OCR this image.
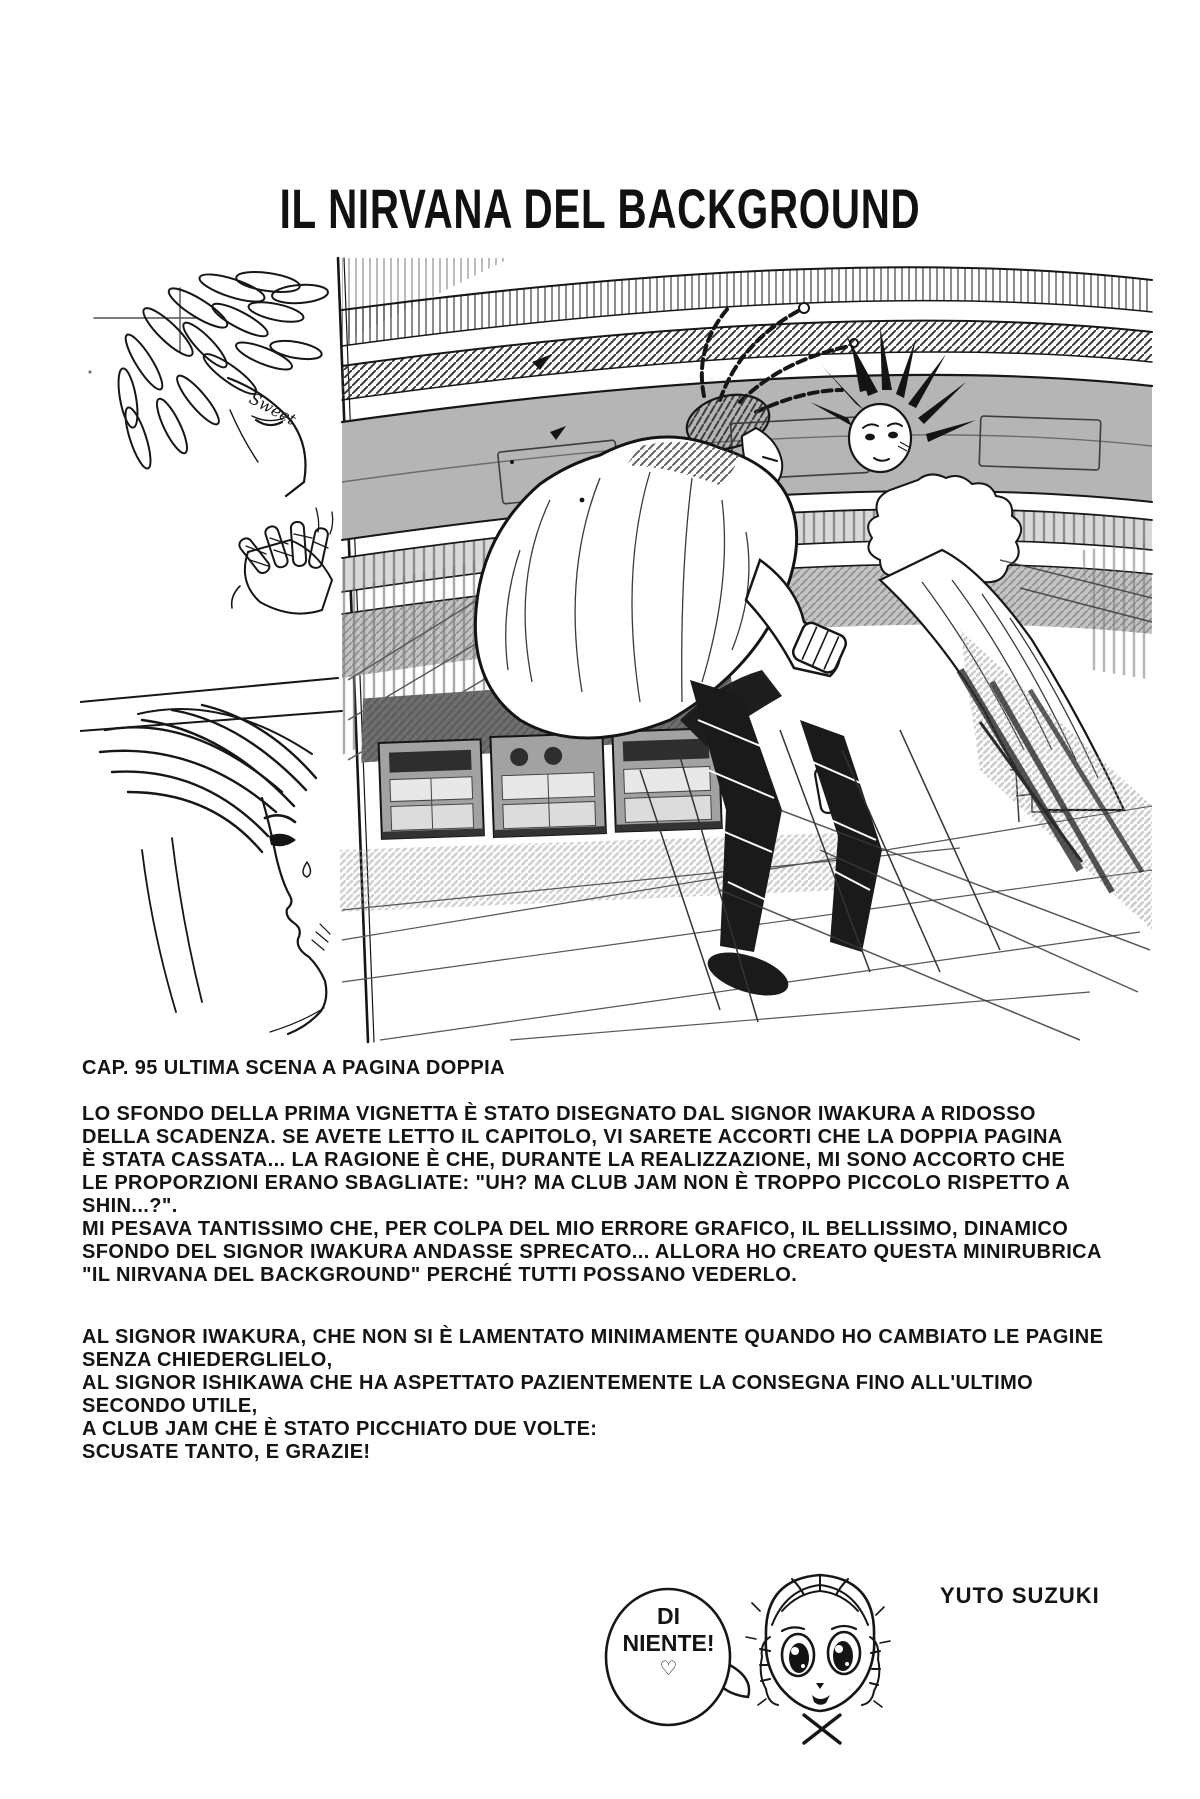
IL NIRVANA DEL BACKGROUND
Sweet
CAP. 95 ULTIMA SCENA A PAGINA DOPPIA
LO SFONDO DELLA PRIMA VIGNETTA È STATO DISEGNATO DAL SIGNOR IWAKURA A RIDOSSO
DELLA SCADENZA. SE AVETE LETTO IL CAPITOLO, VI SARETE ACCORTI CHE LA DOPPIA PAGINA
È STATA CASSATA... LA RAGIONE È CHE, DURANTE LA REALIZZAZIONE, MI SONO ACCORTO CHE
LE PROPORZIONI ERANO SBAGLIATE: "UH? MA CLUB JAM NON È TROPPO PICCOLO RISPETTO A
SHIN...?".
MI PESAVA TANTISSIMO CHE, PER COLPA DEL MIO ERRORE GRAFICO, IL BELLISSIMO, DINAMICO
SFONDO DEL SIGNOR IWAKURA ANDASSE SPRECATO... ALLORA HO CREATO QUESTA MINIRUBRICA
"IL NIRVANA DEL BACKGROUND" PERCHÉ TUTTI POSSANO VEDERLO.
AL SIGNOR IWAKURA, CHE NON SI È LAMENTATO MINIMAMENTE QUANDO HO CAMBIATO LE PAGINE
SENZA CHIEDERGLIELO,
AL SIGNOR ISHIKAWA CHE HA ASPETTATO PAZIENTEMENTE LA CONSEGNA FINO ALL'ULTIMO
SECONDO UTILE,
A CLUB JAM CHE È STATO PICCHIATO DUE VOLTE:
SCUSATE TANTO, E GRAZIE!
DI
NIENTE!
♡
YUTO SUZUKI
